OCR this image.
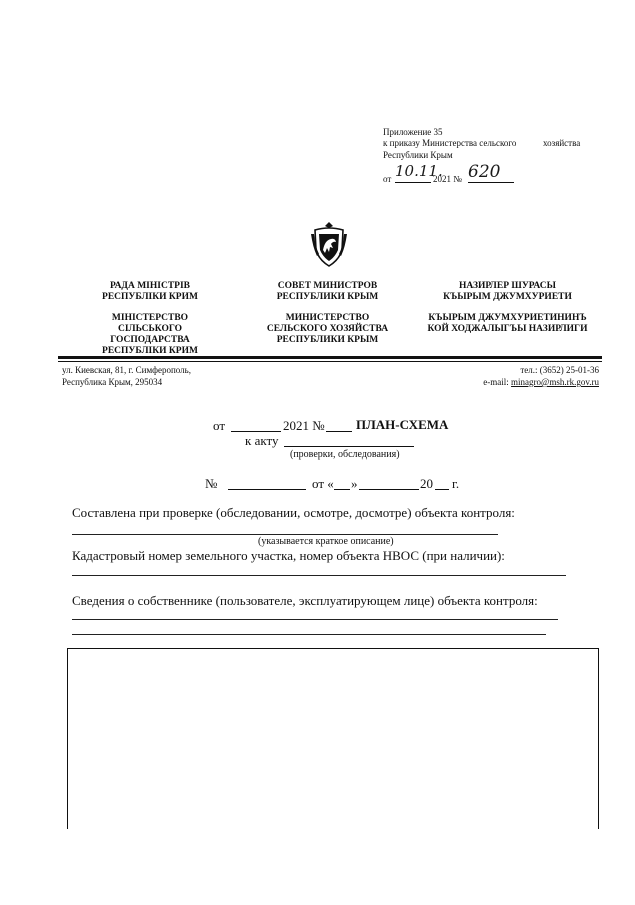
Приложение 35
к приказу Министерства сельского	хозяйства
Республики Крым
от 10.11.
2021 № 620
РАДА МІНІСТРІВ
РЕСПУБЛІКИ КРИМ
МІНІСТЕРСТВО
СІЛЬСЬКОГО
ГОСПОДАРСТВА
РЕСПУБЛІКИ КРИМ
СОВЕТ МИНИСТРОВ
РЕСПУБЛИКИ КРЫМ
МИНИСТЕРСТВО
СЕЛЬСКОГО ХОЗЯЙСТВА
РЕСПУБЛИКИ КРЫМ
НАЗИРЛЕР ШУРАСЫ
КЪЫРЫМ ДЖУМХУРИЕТИ
КЪЫРЫМ ДЖУМХУРИЕТИНИНЪ
КОЙ ХОДЖАЛЫГЪЫ НАЗИРЛИГИ
ул. Киевская, 81, г. Симферополь,
Республика Крым, 295034
тел.: (3652) 25-01-36
e-mail: minagro@msh.rk.gov.ru
от	2021 № ПЛАН-СХЕМА
к акту
(проверки, обследования)
№	от « »	20 г.
Составлена при проверке (обследовании, осмотре, досмотре) объекта контроля:
(указывается краткое описание)
Кадастровый номер земельного участка, номер объекта НВОС (при наличии):
Сведения о собственнике (пользователе, эксплуатирующем лице) объекта контроля:
